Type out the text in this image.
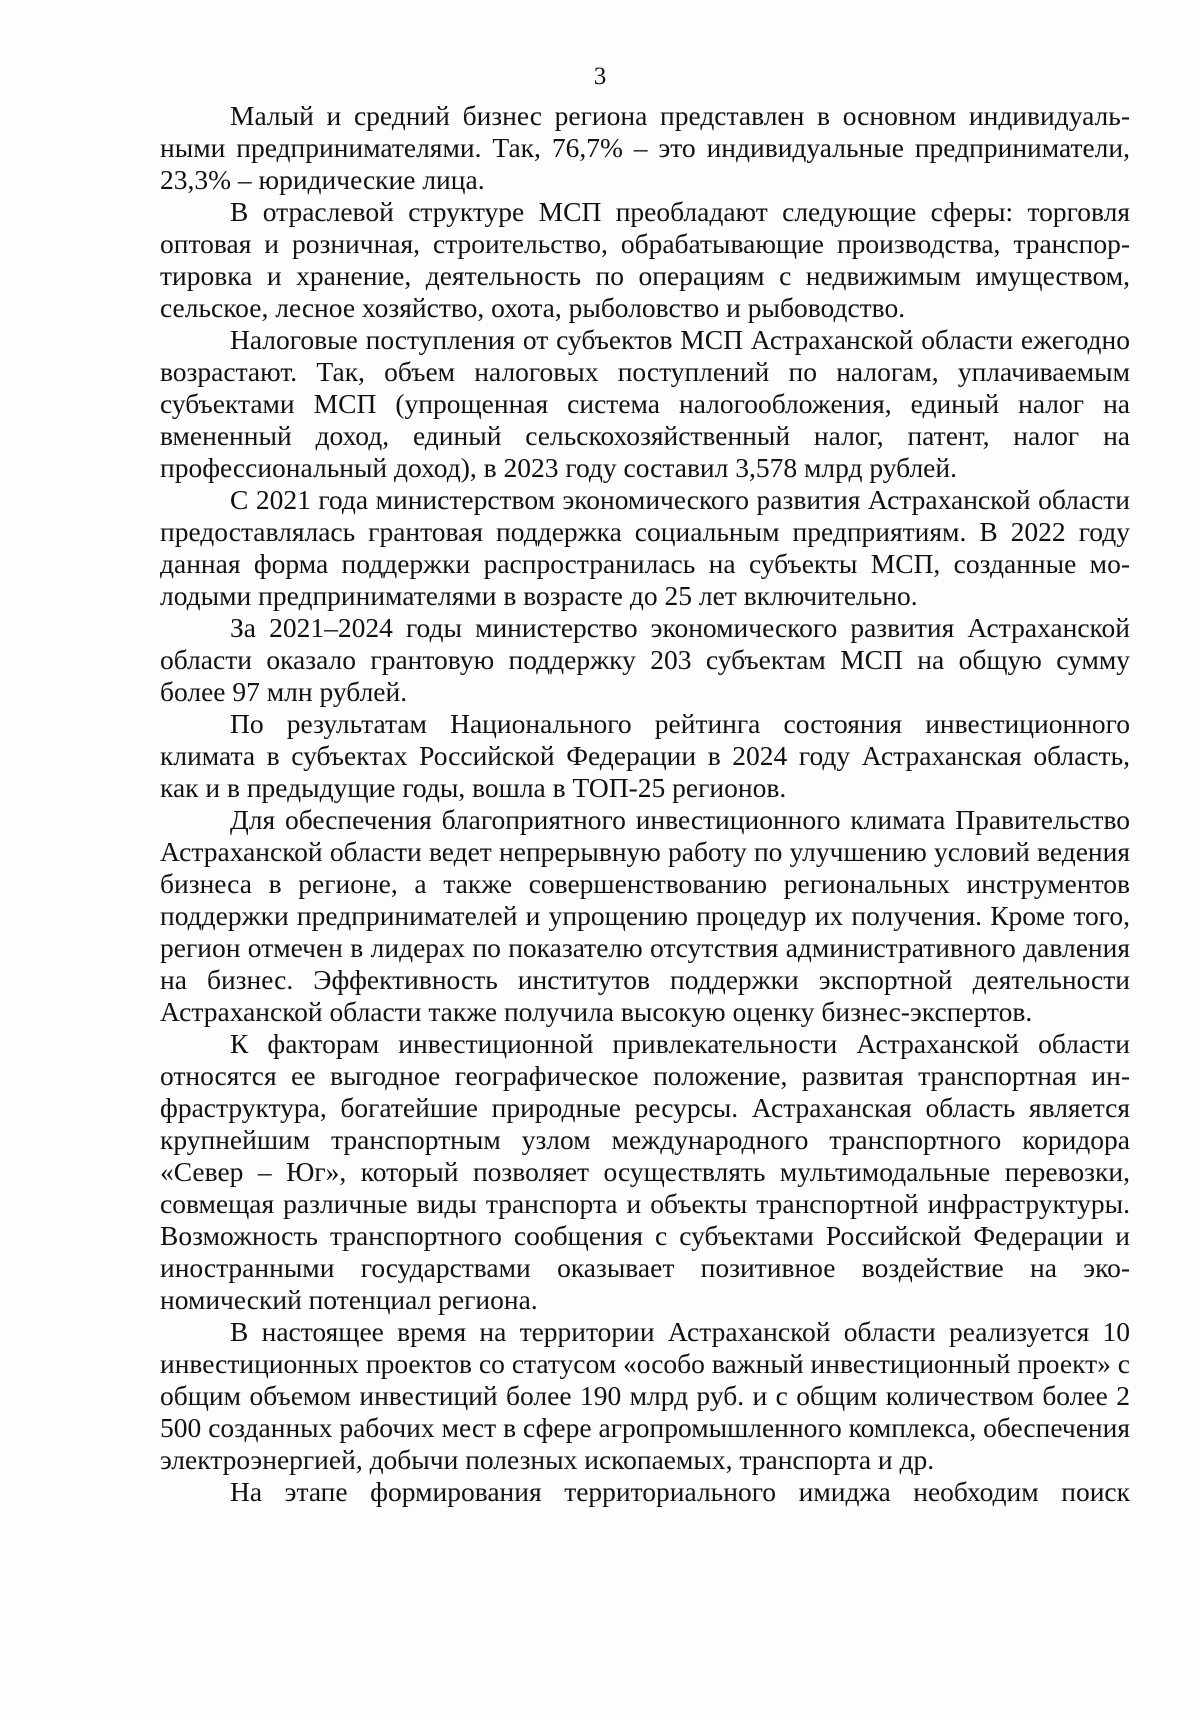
3

Малый и средний бизнес региона представлен в основном индивидуальными предпринимателями. Так, 76,7% – это индивидуальные предприниматели, 23,3% – юридические лица.

В отраслевой структуре МСП преобладают следующие сферы: торговля оптовая и розничная, строительство, обрабатывающие производства, транспортировка и хранение, деятельность по операциям с недвижимым имуществом, сельское, лесное хозяйство, охота, рыболовство и рыбоводство.

Налоговые поступления от субъектов МСП Астраханской области ежегодно возрастают. Так, объем налоговых поступлений по налогам, уплачиваемым субъектами МСП (упрощенная система налогообложения, единый налог на вмененный доход, единый сельскохозяйственный налог, патент, налог на профессиональный доход), в 2023 году составил 3,578 млрд рублей.

С 2021 года министерством экономического развития Астраханской области предоставлялась грантовая поддержка социальным предприятиям. В 2022 году данная форма поддержки распространилась на субъекты МСП, созданные молодыми предпринимателями в возрасте до 25 лет включительно.

За 2021–2024 годы министерство экономического развития Астраханской области оказало грантовую поддержку 203 субъектам МСП на общую сумму более 97 млн рублей.

По результатам Национального рейтинга состояния инвестиционного климата в субъектах Российской Федерации в 2024 году Астраханская область, как и в предыдущие годы, вошла в ТОП-25 регионов.

Для обеспечения благоприятного инвестиционного климата Правительство Астраханской области ведет непрерывную работу по улучшению условий ведения бизнеса в регионе, а также совершенствованию региональных инструментов поддержки предпринимателей и упрощению процедур их получения. Кроме того, регион отмечен в лидерах по показателю отсутствия административного давления на бизнес. Эффективность институтов поддержки экспортной деятельности Астраханской области также получила высокую оценку бизнес-экспертов.

К факторам инвестиционной привлекательности Астраханской области относятся ее выгодное географическое положение, развитая транспортная инфраструктура, богатейшие природные ресурсы. Астраханская область является крупнейшим транспортным узлом международного транспортного коридора «Север – Юг», который позволяет осуществлять мультимодальные перевозки, совмещая различные виды транспорта и объекты транспортной инфраструктуры. Возможность транспортного сообщения с субъектами Российской Федерации и иностранными государствами оказывает позитивное воздействие на экономический потенциал региона.

В настоящее время на территории Астраханской области реализуется 10 инвестиционных проектов со статусом «особо важный инвестиционный проект» с общим объемом инвестиций более 190 млрд руб. и с общим количеством более 2 500 созданных рабочих мест в сфере агропромышленного комплекса, обеспечения электроэнергией, добычи полезных ископаемых, транспорта и др.

На этапе формирования территориального имиджа необходим поиск
